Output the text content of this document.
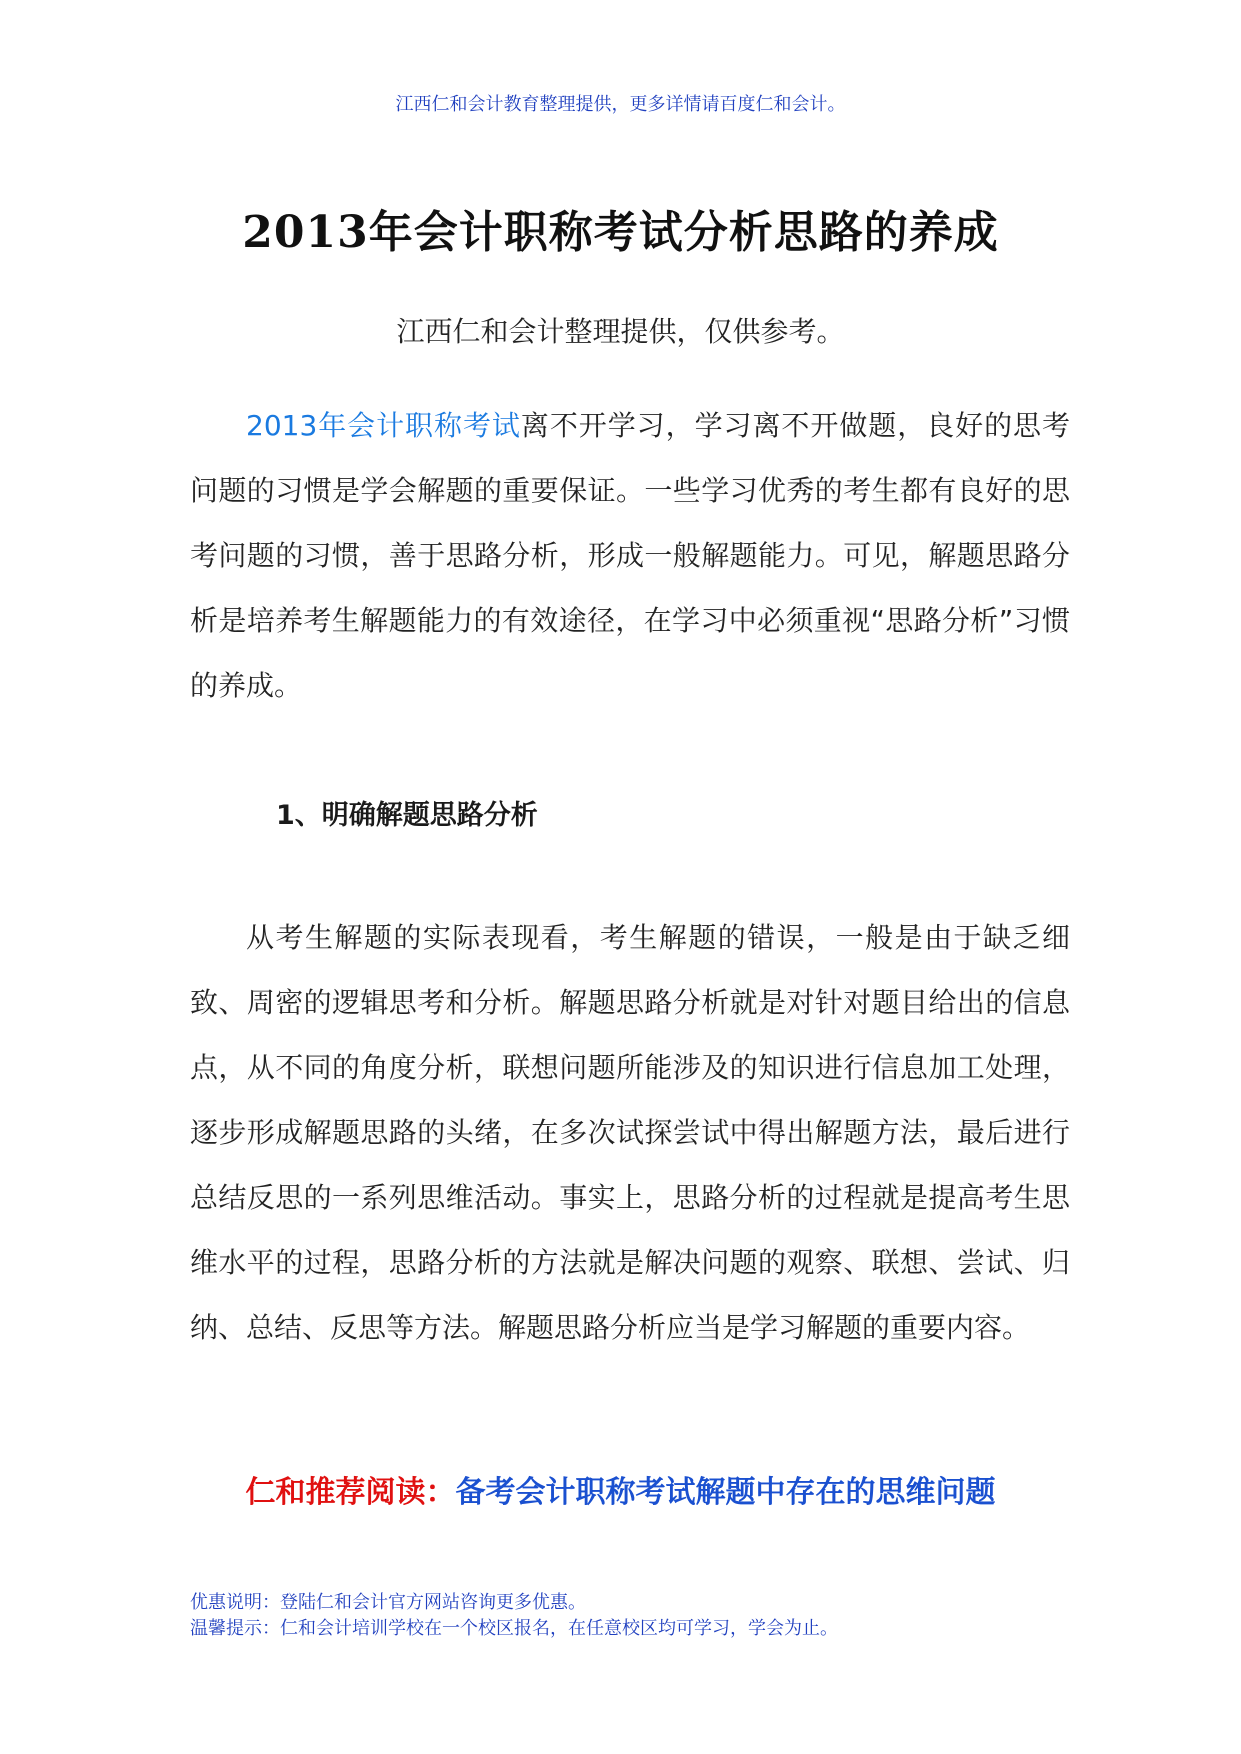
江西仁和会计教育整理提供，更多详情请百度仁和会计。
2013年会计职称考试分析思路的养成
江西仁和会计整理提供，仅供参考。

2013年会计职称考试离不开学习，学习离不开做题，良好的思考问题的习惯是学会解题的重要保证。一些学习优秀的考生都有良好的思考问题的习惯，善于思路分析，形成一般解题能力。可见，解题思路分析是培养考生解题能力的有效途径，在学习中必须重视“思路分析”习惯的养成。

1、明确解题思路分析

从考生解题的实际表现看，考生解题的错误，一般是由于缺乏细致、周密的逻辑思考和分析。解题思路分析就是对针对题目给出的信息点，从不同的角度分析，联想问题所能涉及的知识进行信息加工处理，逐步形成解题思路的头绪，在多次试探尝试中得出解题方法，最后进行总结反思的一系列思维活动。事实上，思路分析的过程就是提高考生思维水平的过程，思路分析的方法就是解决问题的观察、联想、尝试、归纳、总结、反思等方法。解题思路分析应当是学习解题的重要内容。

仁和推荐阅读：备考会计职称考试解题中存在的思维问题
优惠说明：登陆仁和会计官方网站咨询更多优惠。
温馨提示：仁和会计培训学校在一个校区报名，在任意校区均可学习，学会为止。
